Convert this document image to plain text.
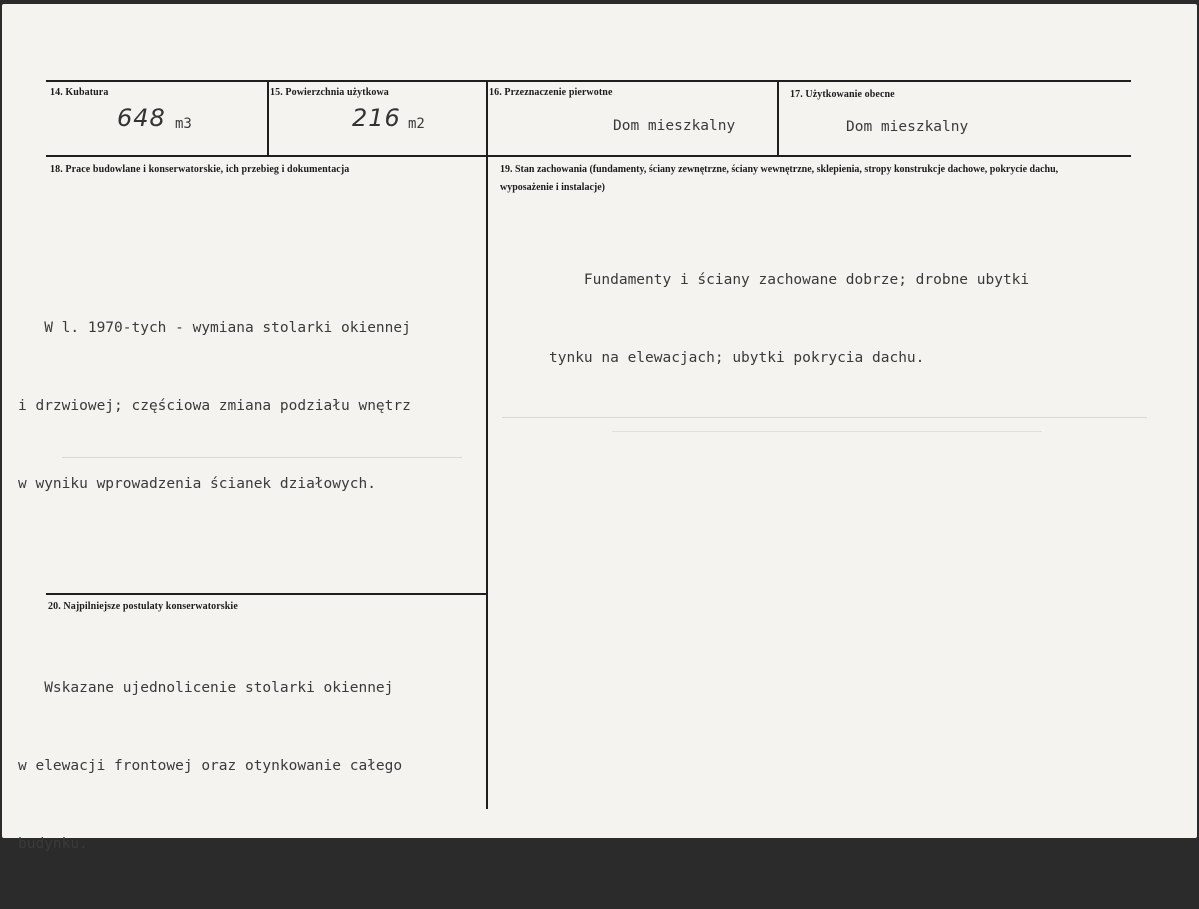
14. Kubatura
648 m3
15. Powierzchnia użytkowa
216 m2
16. Przeznaczenie pierwotne
Dom mieszkalny
17. Użytkowanie obecne
Dom mieszkalny
18. Prace budowlane i konserwatorskie, ich przebieg i dokumentacja

W l. 1970-tych - wymiana stolarki okiennej

i drzwiowej; częściowa zmiana podziału wnętrz

w wyniku wprowadzenia ścianek działowych.

19. Stan zachowania (fundamenty, ściany zewnętrzne, ściany wewnętrzne, sklepienia, stropy konstrukcje dachowe, pokrycie dachu, wyposażenie i instalacje)

Fundamenty i ściany zachowane dobrze; drobne ubytki

tynku na elewacjach; ubytki pokrycia dachu.

20. Najpilniejsze postulaty konserwatorskie

Wskazane ujednolicenie stolarki okiennej

w elewacji frontowej oraz otynkowanie całego

budynku.
